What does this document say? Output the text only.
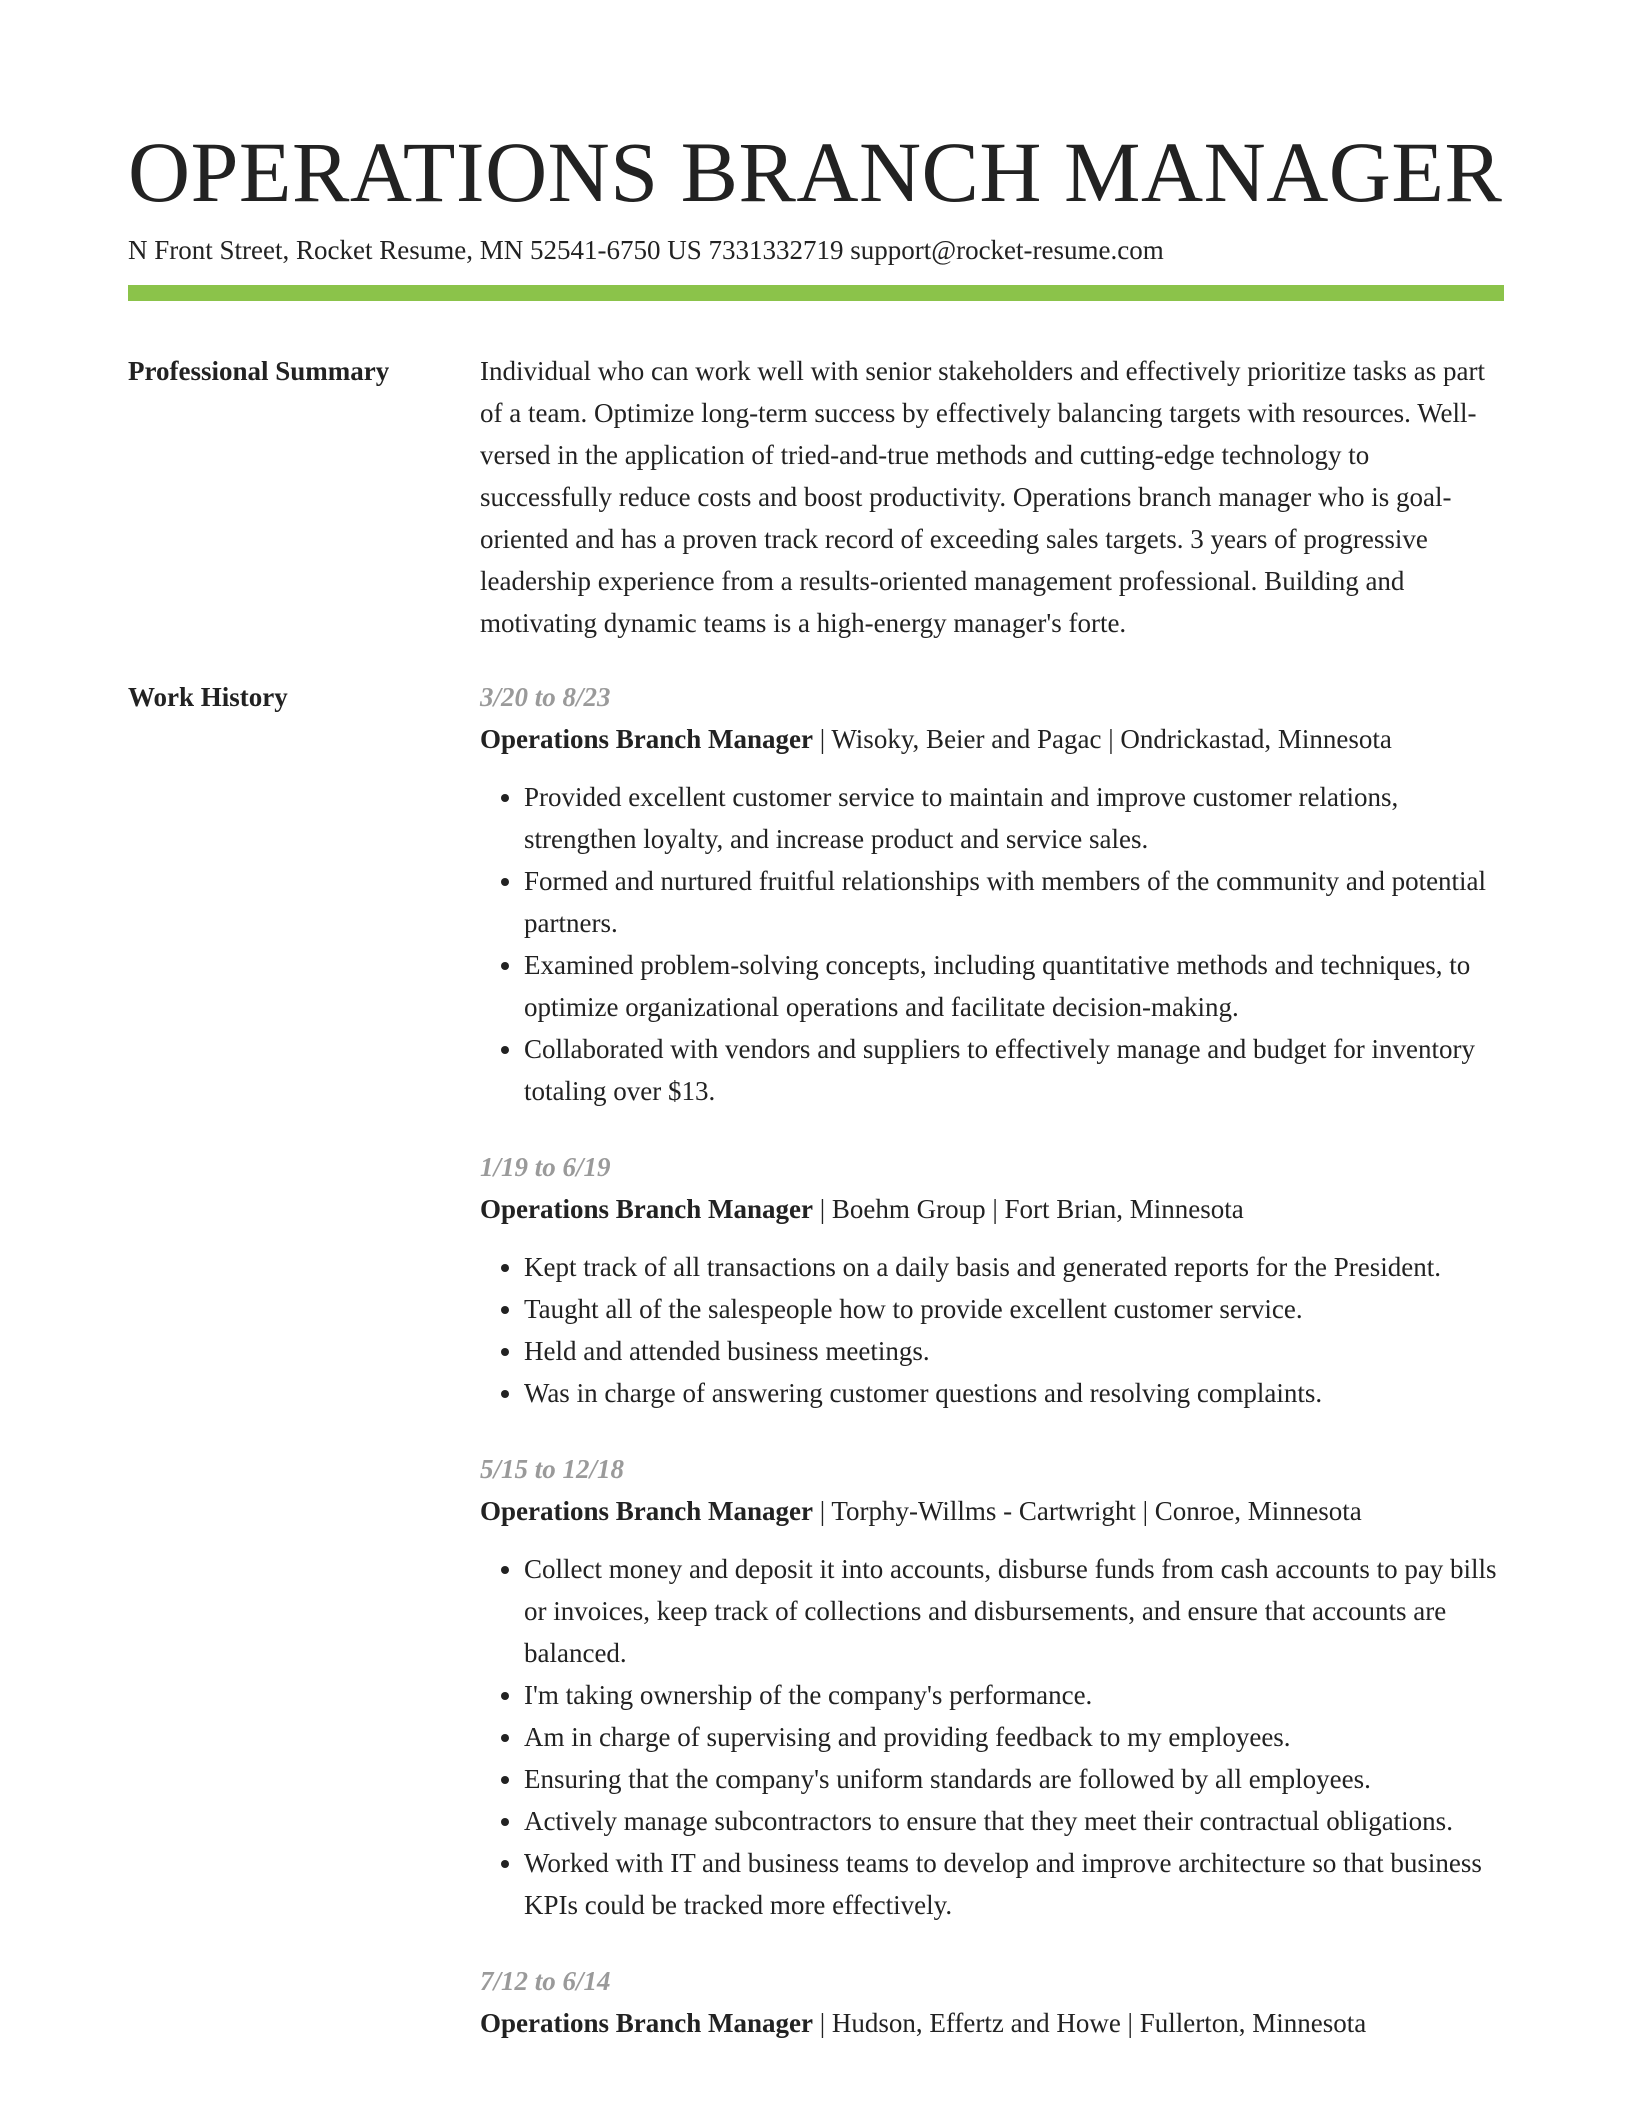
OPERATIONS BRANCH MANAGER
N Front Street, Rocket Resume, MN 52541-6750 US 7331332719 support@rocket-resume.com
Professional Summary	Individual who can work well with senior stakeholders and effectively prioritize tasks as part of a team. Optimize long-term success by effectively balancing targets with resources. Well-versed in the application of tried-and-true methods and cutting-edge technology to successfully reduce costs and boost productivity. Operations branch manager who is goal-oriented and has a proven track record of exceeding sales targets. 3 years of progressive leadership experience from a results-oriented management professional. Building and motivating dynamic teams is a high-energy manager's forte.

Work History	3/20 to 8/23
Operations Branch Manager | Wisoky, Beier and Pagac | Ondrickastad, Minnesota
• Provided excellent customer service to maintain and improve customer relations, strengthen loyalty, and increase product and service sales.
• Formed and nurtured fruitful relationships with members of the community and potential partners.
• Examined problem-solving concepts, including quantitative methods and techniques, to optimize organizational operations and facilitate decision-making.
• Collaborated with vendors and suppliers to effectively manage and budget for inventory totaling over $13.
1/19 to 6/19
Operations Branch Manager | Boehm Group | Fort Brian, Minnesota
• Kept track of all transactions on a daily basis and generated reports for the President.
• Taught all of the salespeople how to provide excellent customer service.
• Held and attended business meetings.
• Was in charge of answering customer questions and resolving complaints.
5/15 to 12/18
Operations Branch Manager | Torphy-Willms - Cartwright | Conroe, Minnesota
• Collect money and deposit it into accounts, disburse funds from cash accounts to pay bills or invoices, keep track of collections and disbursements, and ensure that accounts are balanced.
• I'm taking ownership of the company's performance.
• Am in charge of supervising and providing feedback to my employees.
• Ensuring that the company's uniform standards are followed by all employees.
• Actively manage subcontractors to ensure that they meet their contractual obligations.
• Worked with IT and business teams to develop and improve architecture so that business KPIs could be tracked more effectively.
7/12 to 6/14
Operations Branch Manager | Hudson, Effertz and Howe | Fullerton, Minnesota
